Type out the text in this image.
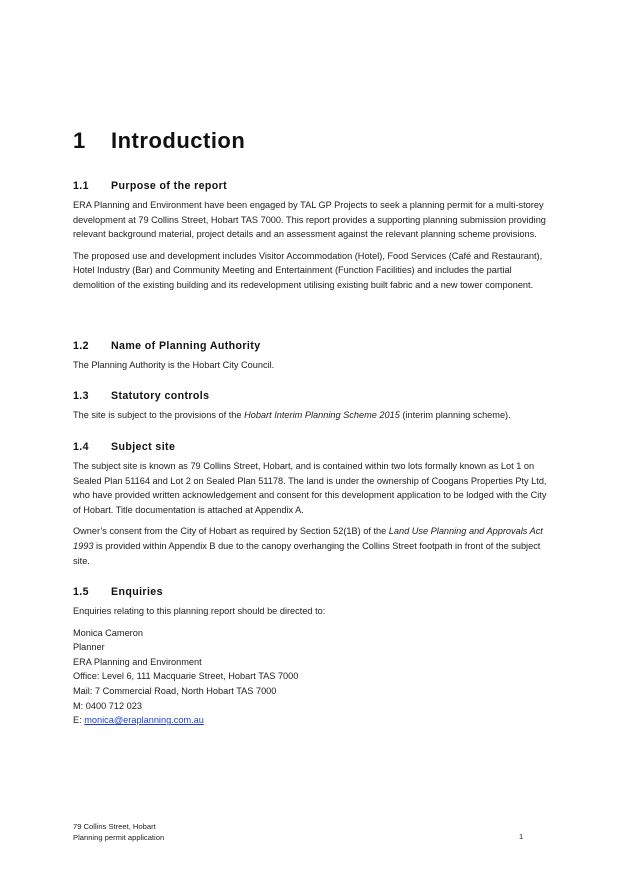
1 Introduction
1.1 Purpose of the report

ERA Planning and Environment have been engaged by TAL GP Projects to seek a planning permit for a multi-storey development at 79 Collins Street, Hobart TAS 7000. This report provides a supporting planning submission providing relevant background material, project details and an assessment against the relevant planning scheme provisions.

The proposed use and development includes Visitor Accommodation (Hotel), Food Services (Café and Restaurant), Hotel Industry (Bar) and Community Meeting and Entertainment (Function Facilities) and includes the partial demolition of the existing building and its redevelopment utilising existing built fabric and a new tower component.

1.2 Name of Planning Authority

The Planning Authority is the Hobart City Council.

1.3 Statutory controls

The site is subject to the provisions of the Hobart Interim Planning Scheme 2015 (interim planning scheme).

1.4 Subject site

The subject site is known as 79 Collins Street, Hobart, and is contained within two lots formally known as Lot 1 on Sealed Plan 51164 and Lot 2 on Sealed Plan 51178. The land is under the ownership of Coogans Properties Pty Ltd, who have provided written acknowledgement and consent for this development application to be lodged with the City of Hobart. Title documentation is attached at Appendix A.

Owner’s consent from the City of Hobart as required by Section 52(1B) of the Land Use Planning and Approvals Act 1993 is provided within Appendix B due to the canopy overhanging the Collins Street footpath in front of the subject site.

1.5 Enquiries

Enquiries relating to this planning report should be directed to:

Monica Cameron

Planner

ERA Planning and Environment

Office: Level 6, 111 Macquarie Street, Hobart TAS 7000

Mail: 7 Commercial Road, North Hobart TAS 7000

M: 0400 712 023

E: monica@eraplanning.com.au

79 Collins Street, Hobart
Planning permit application	1
